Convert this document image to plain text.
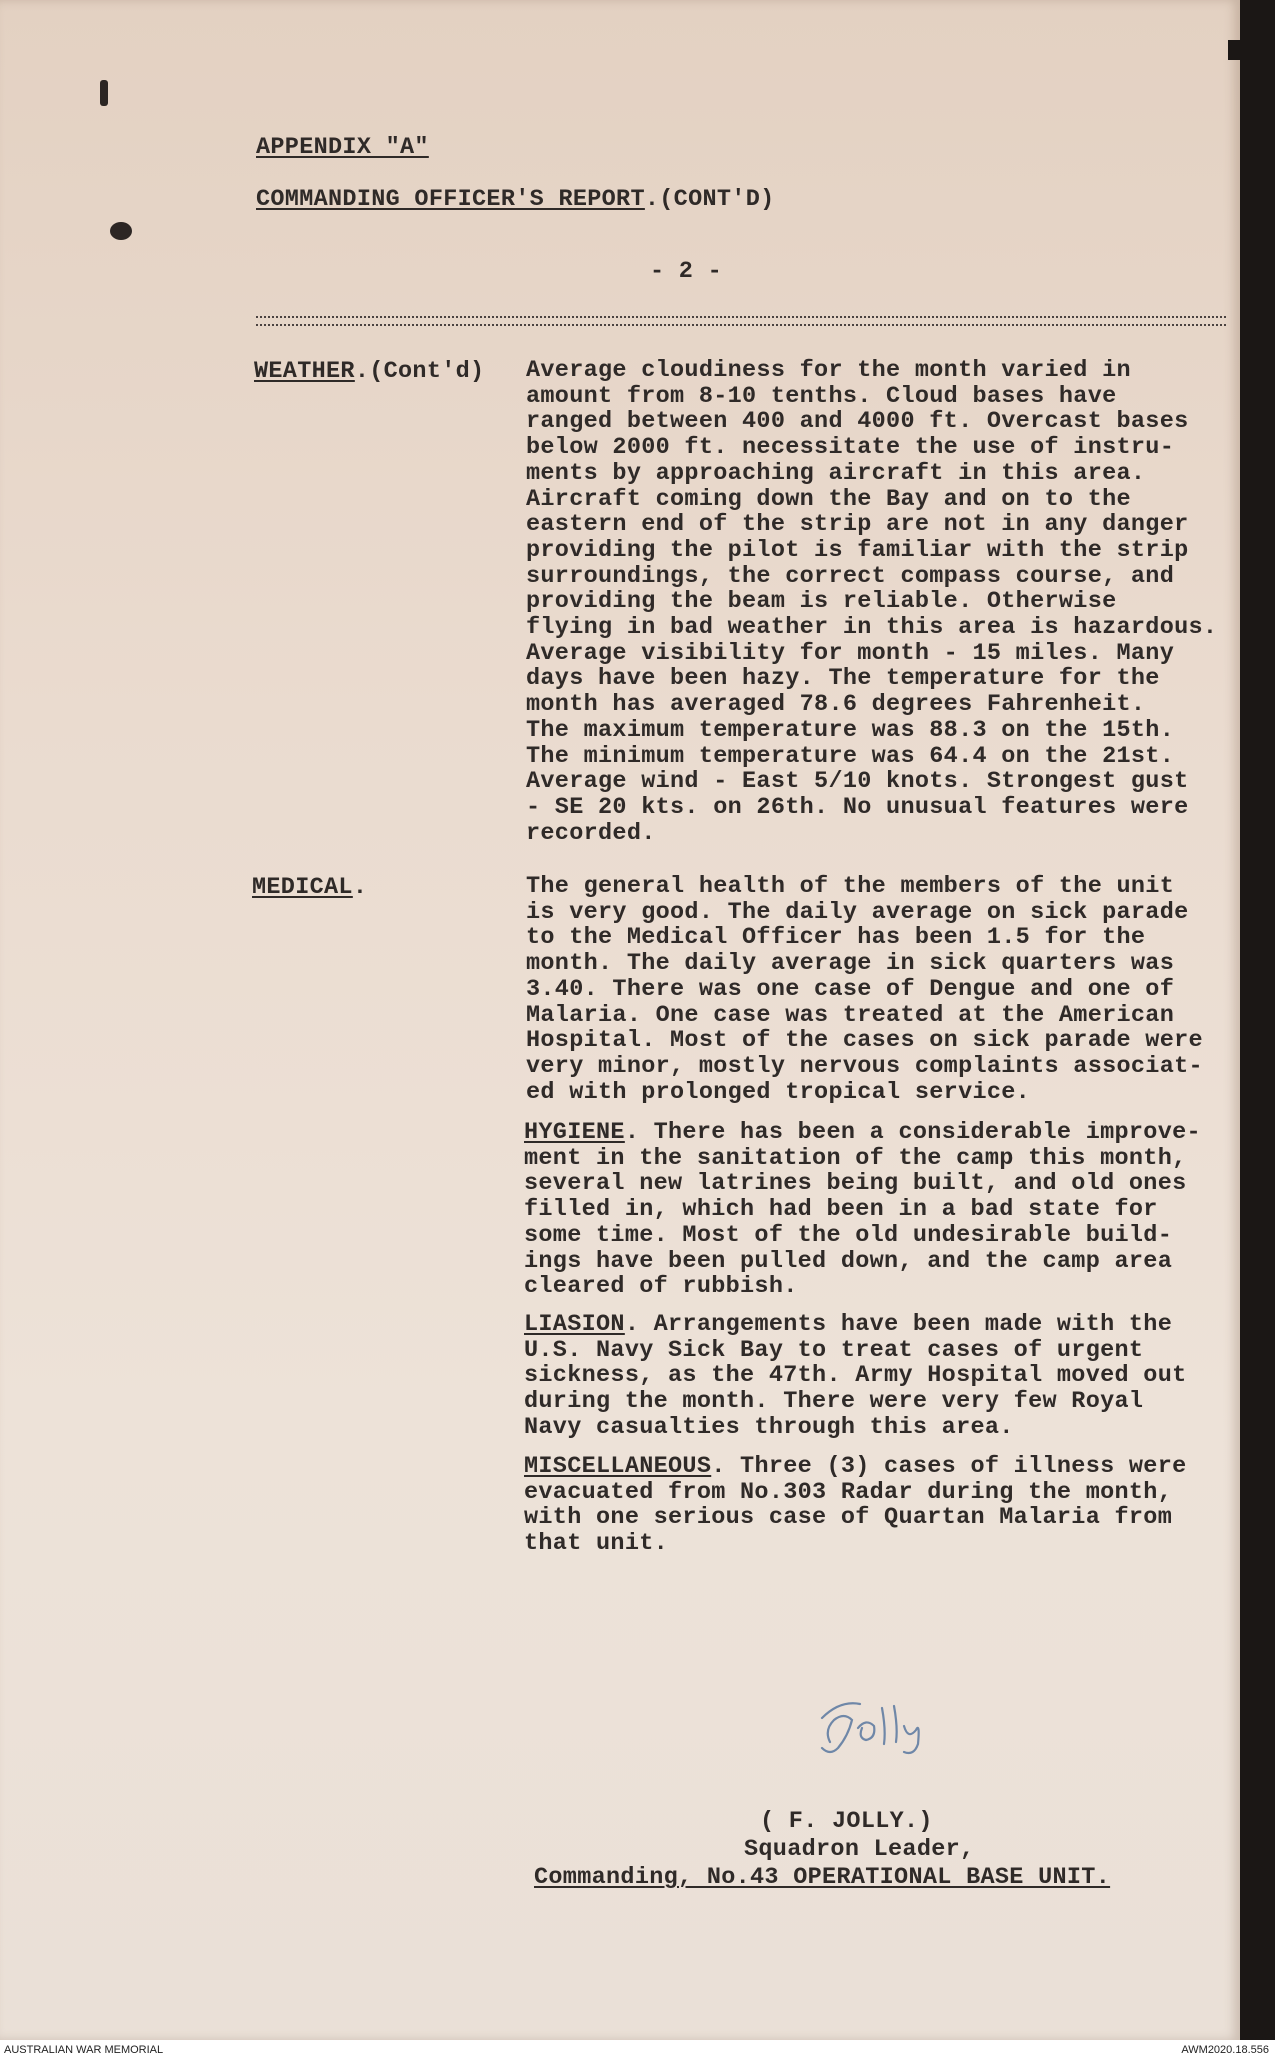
APPENDIX "A"
COMMANDING OFFICER'S REPORT.(CONT'D)
- 2 -
WEATHER.(Cont'd) Average cloudiness for the month varied in
amount from 8-10 tenths. Cloud bases have
ranged between 400 and 4000 ft. Overcast bases
below 2000 ft. necessitate the use of instru-
ments by approaching aircraft in this area.
Aircraft coming down the Bay and on to the
eastern end of the strip are not in any danger
providing the pilot is familiar with the strip
surroundings, the correct compass course, and
providing the beam is reliable. Otherwise
flying in bad weather in this area is hazardous.
Average visibility for month - 15 miles. Many
days have been hazy. The temperature for the
month has averaged 78.6 degrees Fahrenheit.
The maximum temperature was 88.3 on the 15th.
The minimum temperature was 64.4 on the 21st.
Average wind - East 5/10 knots. Strongest gust
- SE 20 kts. on 26th. No unusual features were
recorded.
MEDICAL.	The general health of the members of the unit
is very good. The daily average on sick parade
to the Medical Officer has been 1.5 for the
month. The daily average in sick quarters was
3.40. There was one case of Dengue and one of
Malaria. One case was treated at the American
Hospital. Most of the cases on sick parade were
very minor, mostly nervous complaints associat-
ed with prolonged tropical service.
HYGIENE. There has been a considerable improve-
ment in the sanitation of the camp this month,
several new latrines being built, and old ones
filled in, which had been in a bad state for
some time. Most of the old undesirable build-
ings have been pulled down, and the camp area
cleared of rubbish.
LIASION. Arrangements have been made with the
U.S. Navy Sick Bay to treat cases of urgent
sickness, as the 47th. Army Hospital moved out
during the month. There were very few Royal
Navy casualties through this area.
MISCELLANEOUS. Three (3) cases of illness were
evacuated from No.303 Radar during the month,
with one serious case of Quartan Malaria from
that unit.
( F. JOLLY.)
Squadron Leader,
Commanding, No.43 OPERATIONAL BASE UNIT.
AUSTRALIAN WAR MEMORIAL	AWM2020.18.556
